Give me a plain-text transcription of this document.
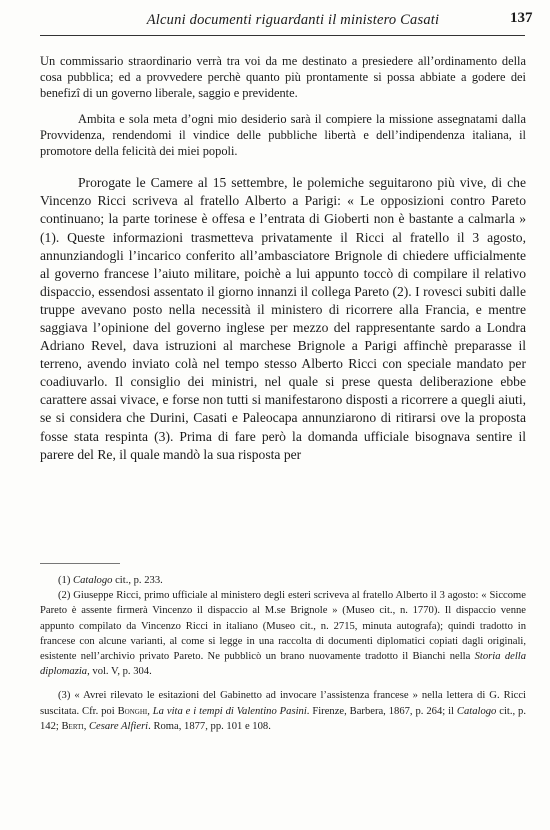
Alcuni documenti riguardanti il ministero Casati	137

Un commissario straordinario verrà tra voi da me destinato a presiedere all’ordinamento della cosa pubblica; ed a provvedere perchè quanto più prontamente si possa abbiate a godere dei benefizî di un governo liberale, saggio e previdente.

Ambita e sola meta d’ogni mio desiderio sarà il compiere la missione assegnatami dalla Provvidenza, rendendomi il vindice delle pubbliche libertà e dell’indipendenza italiana, il promotore della felicità dei miei popoli.

Prorogate le Camere al 15 settembre, le polemiche seguitarono più vive, di che Vincenzo Ricci scriveva al fratello Alberto a Parigi: « Le opposizioni contro Pareto continuano; la parte torinese è offesa e l’entrata di Gioberti non è bastante a calmarla » (1). Queste informazioni trasmetteva privatamente il Ricci al fratello il 3 agosto, annunziandogli l’incarico conferito all’ambasciatore Brignole di chiedere ufficialmente al governo francese l’aiuto militare, poichè a lui appunto toccò di compilare il relativo dispaccio, essendosi assentato il giorno innanzi il collega Pareto (2). I rovesci subiti dalle truppe avevano posto nella necessità il ministero di ricorrere alla Francia, e mentre saggiava l’opinione del governo inglese per mezzo del rappresentante sardo a Londra Adriano Revel, dava istruzioni al marchese Brignole a Parigi affinchè preparasse il terreno, avendo inviato colà nel tempo stesso Alberto Ricci con speciale mandato per coadiuvarlo. Il consiglio dei ministri, nel quale si prese questa deliberazione ebbe carattere assai vivace, e forse non tutti si manifestarono disposti a ricorrere a quegli aiuti, se si considera che Durini, Casati e Paleocapa annunziarono di ritirarsi ove la proposta fosse stata respinta (3). Prima di fare però la domanda ufficiale bisognava sentire il parere del Re, il quale mandò la sua risposta per

(1) Catalogo cit., p. 233.

(2) Giuseppe Ricci, primo ufficiale al ministero degli esteri scriveva al fratello Alberto il 3 agosto: « Siccome Pareto è assente firmerà Vincenzo il dispaccio al M.se Brignole » (Museo cit., n. 1770). Il dispaccio venne appunto compilato da Vincenzo Ricci in italiano (Museo cit., n. 2715, minuta autografa); quindi tradotto in francese con alcune varianti, al come si legge in una raccolta di documenti diplomatici copiati dagli originali, esistente nell’archivio privato Pareto. Ne pubblicò un brano nuovamente tradotto il Bianchi nella Storia della diplomazia, vol. V, p. 304.

(3) « Avrei rilevato le esitazioni del Gabinetto ad invocare l’assistenza francese » nella lettera di G. Ricci suscitata. Cfr. poi Bonghi, La vita e i tempi di Valentino Pasini. Firenze, Barbera, 1867, p. 264; il Catalogo cit., p. 142; Berti, Cesare Alfieri. Roma, 1877, pp. 101 e 108.
